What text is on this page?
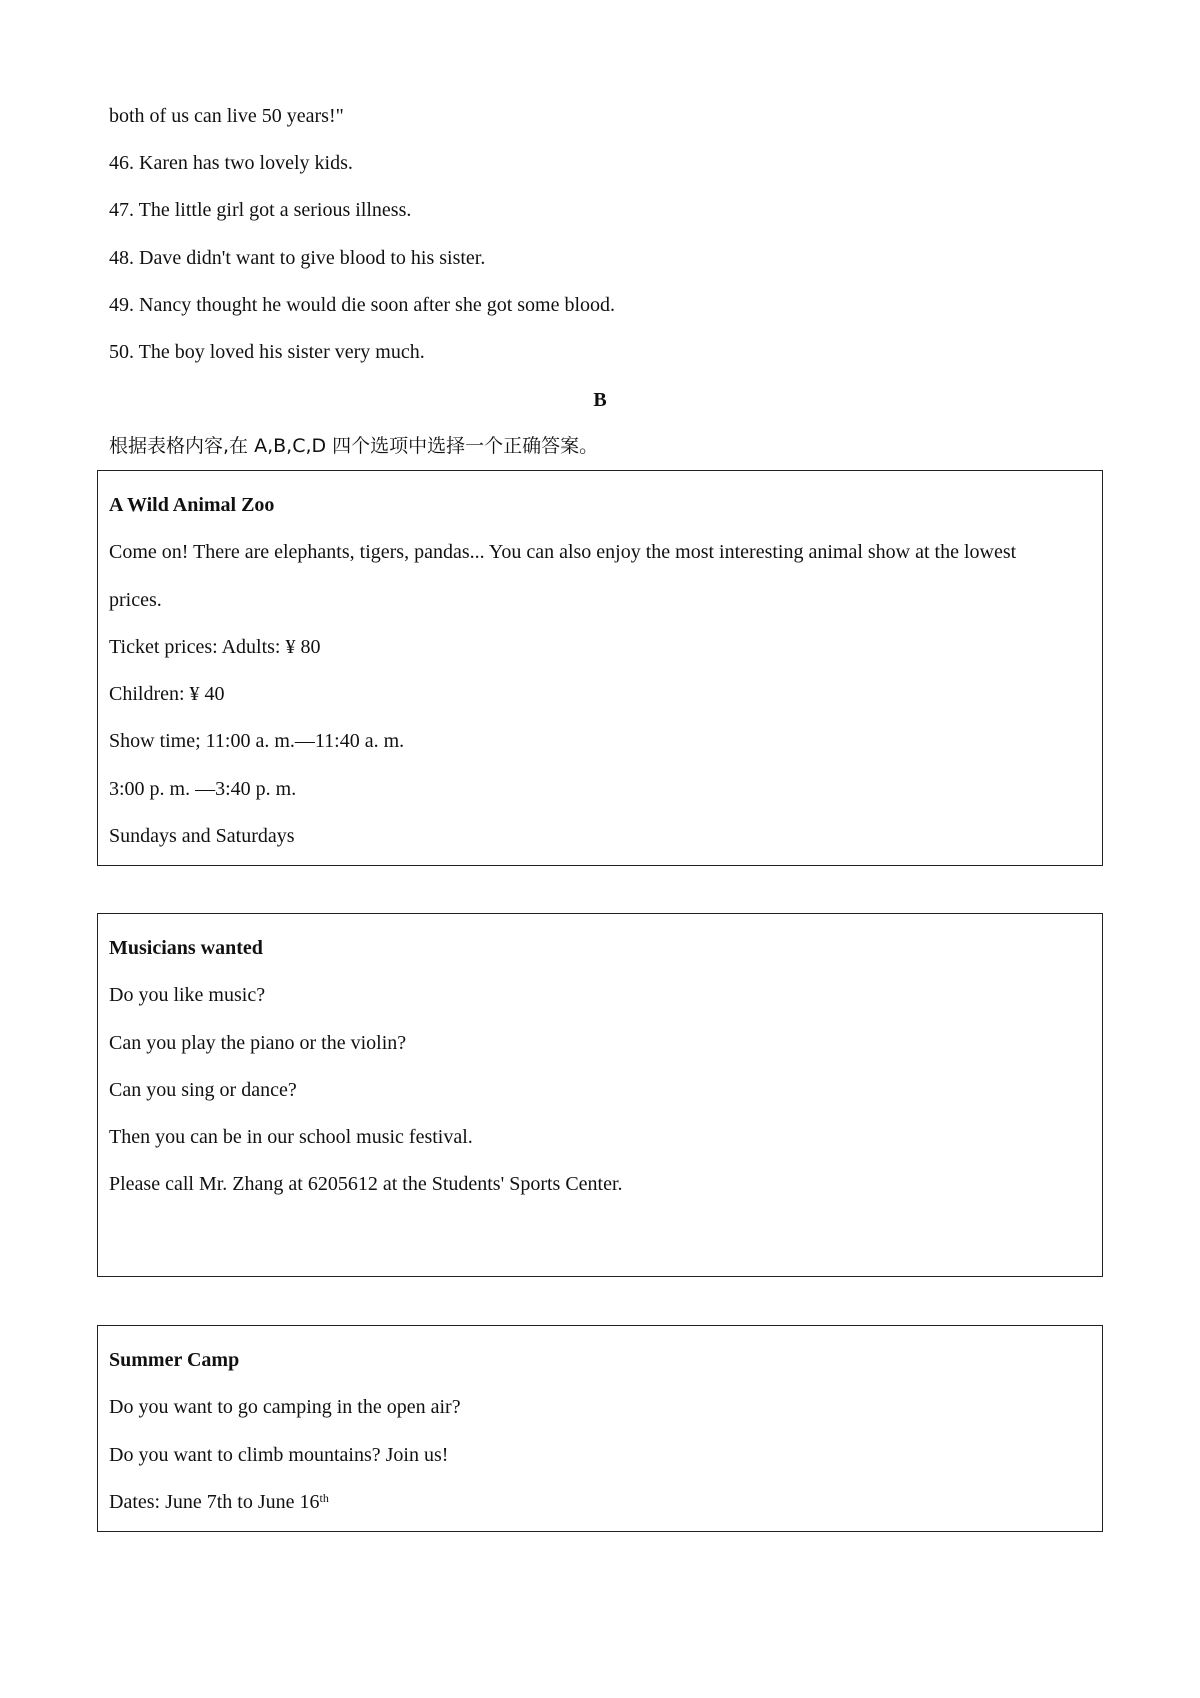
both of us can live 50 years!"
46. Karen has two lovely kids.
47. The little girl got a serious illness.
48. Dave didn't want to give blood to his sister.
49. Nancy thought he would die soon after she got some blood.
50. The boy loved his sister very much.
B
根据表格内容,在 A,B,C,D 四个选项中选择一个正确答案。
A Wild Animal Zoo
Come on! There are elephants, tigers, pandas... You can also enjoy the most interesting animal show at the lowest
prices.
Ticket prices: Adults: ¥ 80
Children: ¥ 40
Show time; 11:00 a. m.—11:40 a. m.
3:00 p. m. —3:40 p. m.
Sundays and Saturdays
Musicians wanted
Do you like music?
Can you play the piano or the violin?
Can you sing or dance?
Then you can be in our school music festival.
Please call Mr. Zhang at 6205612 at the Students' Sports Center.
Summer Camp
Do you want to go camping in the open air?
Do you want to climb mountains? Join us!
Dates: June 7th to June 16th
